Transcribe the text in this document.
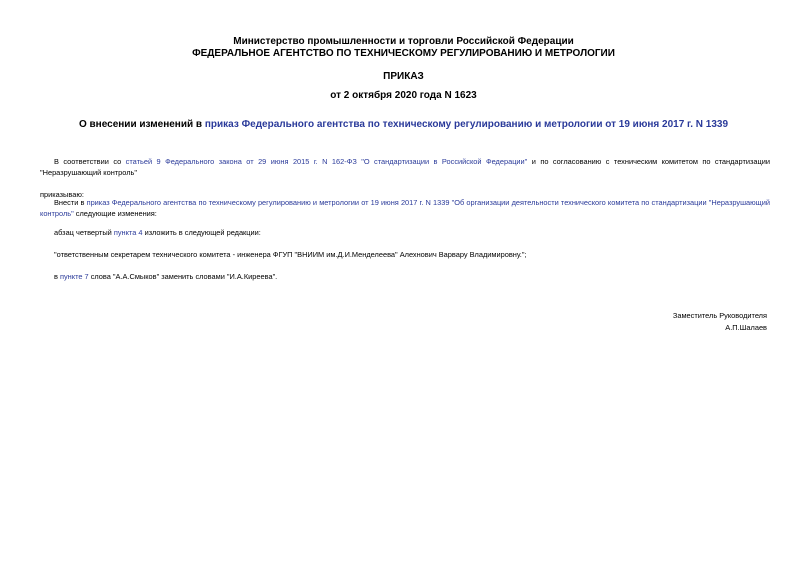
Министерство промышленности и торговли Российской Федерации
ФЕДЕРАЛЬНОЕ АГЕНТСТВО ПО ТЕХНИЧЕСКОМУ РЕГУЛИРОВАНИЮ И МЕТРОЛОГИИ
ПРИКАЗ
от 2 октября 2020 года N 1623
О внесении изменений в приказ Федерального агентства по техническому регулированию и метрологии от 19 июня 2017 г. N 1339
В соответствии со статьей 9 Федерального закона от 29 июня 2015 г. N 162-ФЗ "О стандартизации в Российской Федерации" и по согласованию с техническим комитетом по стандартизации "Неразрушающий контроль"
приказываю:
Внести в приказ Федерального агентства по техническому регулированию и метрологии от 19 июня 2017 г. N 1339 "Об организации деятельности технического комитета по стандартизации "Неразрушающий контроль" следующие изменения:
абзац четвертый пункта 4 изложить в следующей редакции:
"ответственным секретарем технического комитета - инженера ФГУП "ВНИИМ им.Д.И.Менделеева" Алехнович Варвару Владимировну.";
в пункте 7 слова "А.А.Смыков" заменить словами "И.А.Киреева".
Заместитель Руководителя
А.П.Шалаев
